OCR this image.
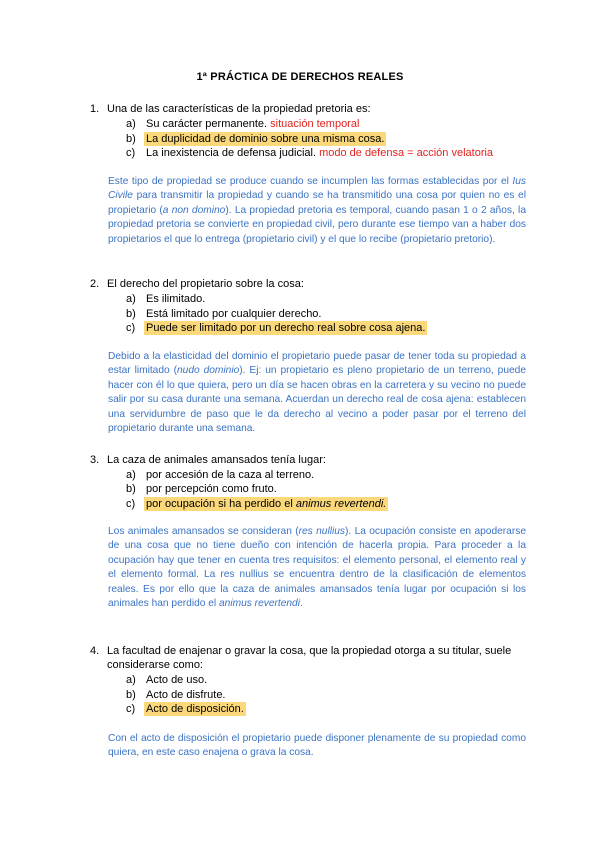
1ª PRÁCTICA DE DERECHOS REALES
1. Una de las características de la propiedad pretoria es:
a) Su carácter permanente. situación temporal
b) La duplicidad de dominio sobre una misma cosa.
c) La inexistencia de defensa judicial. modo de defensa = acción velatoria
Este tipo de propiedad se produce cuando se incumplen las formas establecidas por el Ius Civile para transmitir la propiedad y cuando se ha transmitido una cosa por quien no es el propietario (a non domino). La propiedad pretoria es temporal, cuando pasan 1 o 2 años, la propiedad pretoria se convierte en propiedad civil, pero durante ese tiempo van a haber dos propietarios el que lo entrega (propietario civil) y el que lo recibe (propietario pretorio).
2. El derecho del propietario sobre la cosa:
a) Es ilimitado.
b) Está limitado por cualquier derecho.
c) Puede ser limitado por un derecho real sobre cosa ajena.
Debido a la elasticidad del dominio el propietario puede pasar de tener toda su propiedad a estar limitado (nudo dominio). Ej: un propietario es pleno propietario de un terreno, puede hacer con él lo que quiera, pero un día se hacen obras en la carretera y su vecino no puede salir por su casa durante una semana. Acuerdan un derecho real de cosa ajena: establecen una servidumbre de paso que le da derecho al vecino a poder pasar por el terreno del propietario durante una semana.
3. La caza de animales amansados tenía lugar:
a) por accesión de la caza al terreno.
b) por percepción como fruto.
c) por ocupación si ha perdido el animus revertendi.
Los animales amansados se consideran (res nullius). La ocupación consiste en apoderarse de una cosa que no tiene dueño con intención de hacerla propia. Para proceder a la ocupación hay que tener en cuenta tres requisitos: el elemento personal, el elemento real y el elemento formal. La res nullius se encuentra dentro de la clasificación de elementos reales. Es por ello que la caza de animales amansados tenía lugar por ocupación si los animales han perdido el animus revertendi.
4. La facultad de enajenar o gravar la cosa, que la propiedad otorga a su titular, suele considerarse como:
a) Acto de uso.
b) Acto de disfrute.
c) Acto de disposición.
Con el acto de disposición el propietario puede disponer plenamente de su propiedad como quiera, en este caso enajena o grava la cosa.
